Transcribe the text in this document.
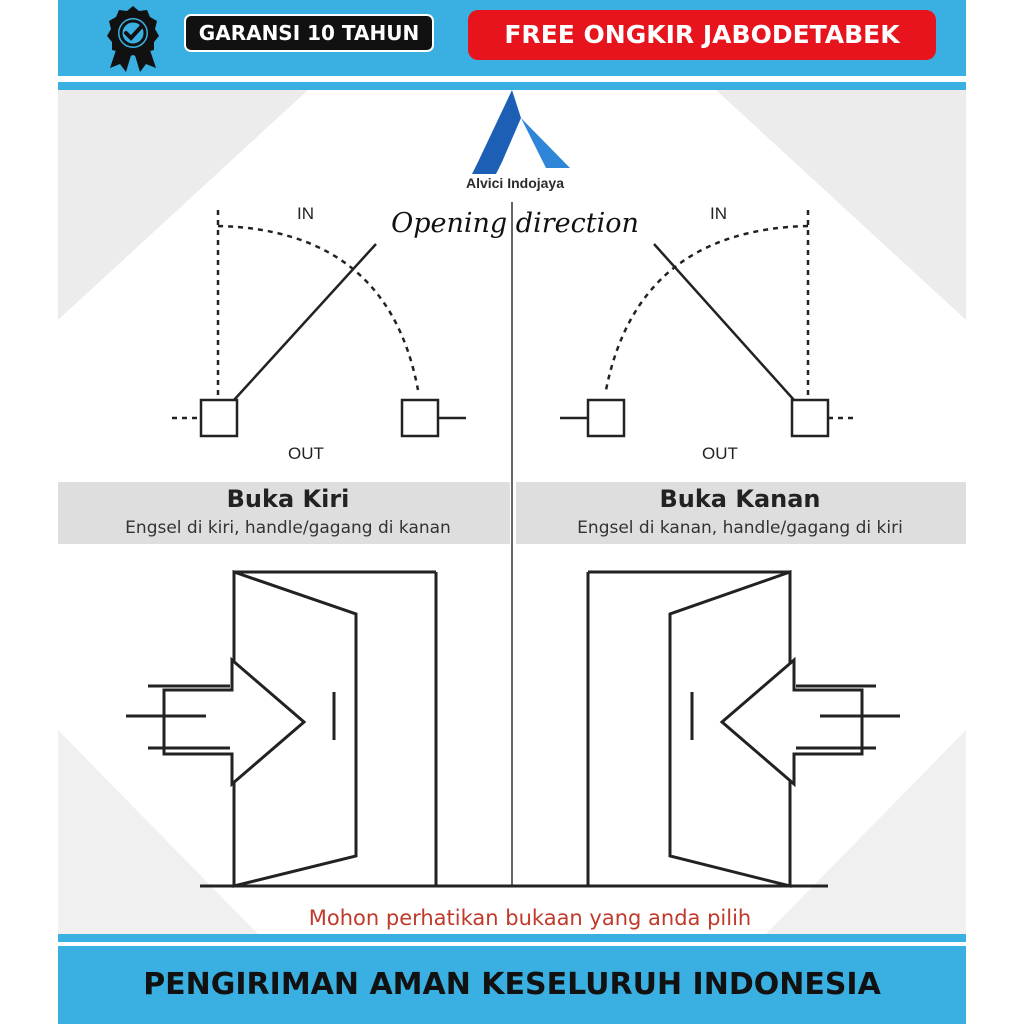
GARANSI 10 TAHUN	FREE ONGKIR JABODETABEK
Alvici Indojaya
Opening direction
IN
OUT
IN
OUT
Buka Kiri
Engsel di kiri, handle/gagang di kanan
Buka Kanan
Engsel di kanan, handle/gagang di kiri
Mohon perhatikan bukaan yang anda pilih
PENGIRIMAN AMAN KESELURUH INDONESIA
